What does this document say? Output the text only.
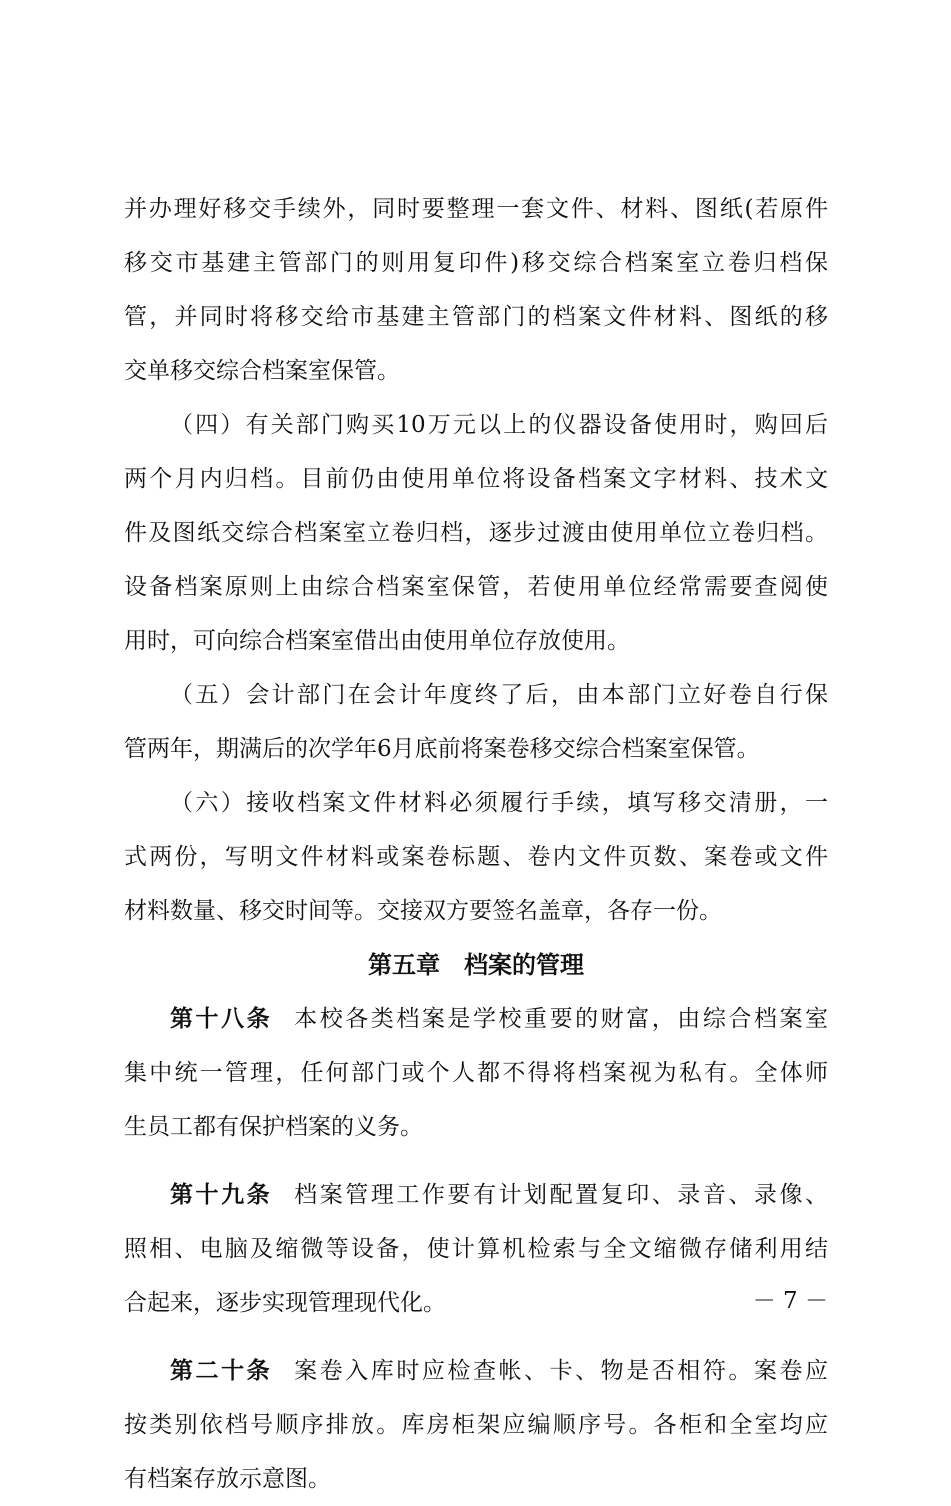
并办理好移交手续外，同时要整理一套文件、材料、图纸(若原件
移交市基建主管部门的则用复印件)移交综合档案室立卷归档保
管，并同时将移交给市基建主管部门的档案文件材料、图纸的移
交单移交综合档案室保管。
（四）有关部门购买10万元以上的仪器设备使用时，购回后
两个月内归档。目前仍由使用单位将设备档案文字材料、技术文
件及图纸交综合档案室立卷归档，逐步过渡由使用单位立卷归档。
设备档案原则上由综合档案室保管，若使用单位经常需要查阅使
用时，可向综合档案室借出由使用单位存放使用。
（五）会计部门在会计年度终了后，由本部门立好卷自行保
管两年，期满后的次学年6月底前将案卷移交综合档案室保管。
（六）接收档案文件材料必须履行手续，填写移交清册，一
式两份，写明文件材料或案卷标题、卷内文件页数、案卷或文件
材料数量、移交时间等。交接双方要签名盖章，各存一份。
第五章　档案的管理
第十八条 本校各类档案是学校重要的财富，由综合档案室
集中统一管理，任何部门或个人都不得将档案视为私有。全体师
生员工都有保护档案的义务。
第十九条 档案管理工作要有计划配置复印、录音、录像、
照相、电脑及缩微等设备，使计算机检索与全文缩微存储利用结
合起来，逐步实现管理现代化。
第二十条 案卷入库时应检查帐、卡、物是否相符。案卷应
按类别依档号顺序排放。库房柜架应编顺序号。各柜和全室均应
有档案存放示意图。
－ 7 －
